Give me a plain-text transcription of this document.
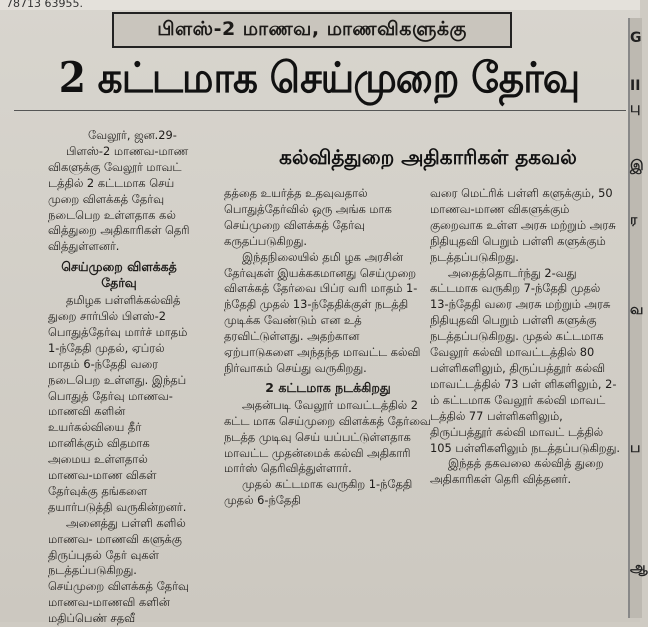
78713 63955.
பிளஸ்-2 மாணவ, மாணவிகளுக்கு
2 கட்டமாக செய்முறை தேர்வு
கல்வித்துறை அதிகாரிகள் தகவல்
G
II
பு
இ
ர
வ
ப
ஆ

வேலூர், ஜன.29-

பிளஸ்-2 மாணவ-மாண விகளுக்கு வேலூர் மாவட் டத்தில் 2 கட்டமாக செய் முறை விளக்கத் தேர்வு நடைபெற உள்ளதாக கல் வித்துறை அதிகாரிகள் தெரி வித்துள்ளனர்.

செய்முறை விளக்கத் தேர்வு

தமிழக பள்ளிக்கல்வித் துறை சார்பில் பிளஸ்-2 பொதுத்தேர்வு மார்ச் மாதம் 1-ந்தேதி முதல், ஏப்ரல் மாதம் 6-ந்தேதி வரை நடைபெற உள்ளது. இந்தப் பொதுத் தேர்வு மாணவ-மாணவி களின் உயர்கல்வியை தீர் மானிக்கும் விதமாக அமைய உள்ளதால் மாணவ-மாண விகள் தேர்வுக்கு தங்களை தயார்படுத்தி வருகின்றனர்.

அனைத்து பள்ளி களில் மாணவ- மாணவி களுக்கு திருப்புதல் தேர் வுகள் நடத்தப்படுகிறது. செய்முறை விளக்கத் தேர்வு மாணவ-மாணவி களின் மதிப்பெண் சதவீ

தத்தை உயர்த்த உதவுவதால் பொதுத்தேர்வில் ஒரு அங்க மாக செய்முறை விளக்கத் தேர்வு கருதப்படுகிறது.

இந்தநிலையில் தமி ழக அரசின் தேர்வுகள் இயக்ககமானது செய்முறை விளக்கத் தேர்வை பிப்ர வரி மாதம் 1-ந்தேதி முதல் 13-ந்தேதிக்குள் நடத்தி முடிக்க வேண்டும் என உத் தரவிட்டுள்ளது. அதற்கான ஏற்பாடுகளை அந்தந்த மாவட்ட கல்வி நிர்வாகம் செய்து வருகிறது.

2 கட்டமாக நடக்கிறது

அதன்படி வேலூர் மாவட்டத்தில் 2 கட்ட மாக செய்முறை விளக்கத் தேர்வை நடத்த முடிவு செய் யப்பட்டுள்ளதாக மாவட்ட முதன்மைக் கல்வி அதிகாரி மார்ஸ் தெரிவித்துள்ளார்.

முதல் கட்டமாக வருகிற 1-ந்தேதி முதல் 6-ந்தேதி

வரை மெட்ரிக் பள்ளி களுக்கும், 50 மாணவ-மாண விகளுக்கும் குறைவாக உள்ள அரசு மற்றும் அரசு நிதியுதவி பெறும் பள்ளி களுக்கும் நடத்தப்படுகிறது.

அதைத்தொடர்ந்து 2-வது கட்டமாக வருகிற 7-ந்தேதி முதல் 13-ந்தேதி வரை அரசு மற்றும் அரசு நிதியுதவி பெறும் பள்ளி களுக்கு நடத்தப்படுகிறது. முதல் கட்டமாக வேலூர் கல்வி மாவட்டத்தில் 80 பள்ளிகளிலும், திருப்பத்தூர் கல்வி மாவட்டத்தில் 73 பள் ளிகளிலும், 2-ம் கட்டமாக வேலூர் கல்வி மாவட் டத்தில் 77 பள்ளிகளிலும், திருப்பத்தூர் கல்வி மாவட் டத்தில் 105 பள்ளிகளிலும் நடத்தப்படுகிறது.

இந்தத் தகவலை கல்வித் துறை அதிகாரிகள் தெரி வித்தனர்.
